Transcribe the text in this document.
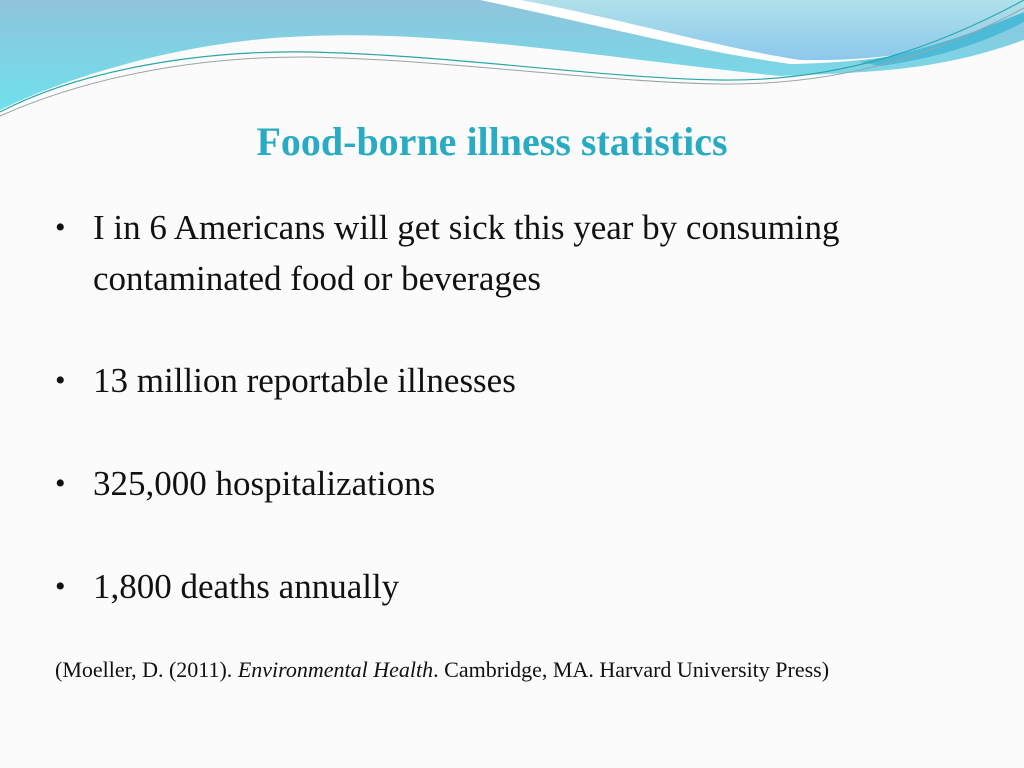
Food-borne illness statistics
• I in 6 Americans will get sick this year by consuming contaminated food or beverages
• 13 million reportable illnesses
• 325,000 hospitalizations
• 1,800 deaths annually
(Moeller, D. (2011). Environmental Health. Cambridge, MA. Harvard University Press)
